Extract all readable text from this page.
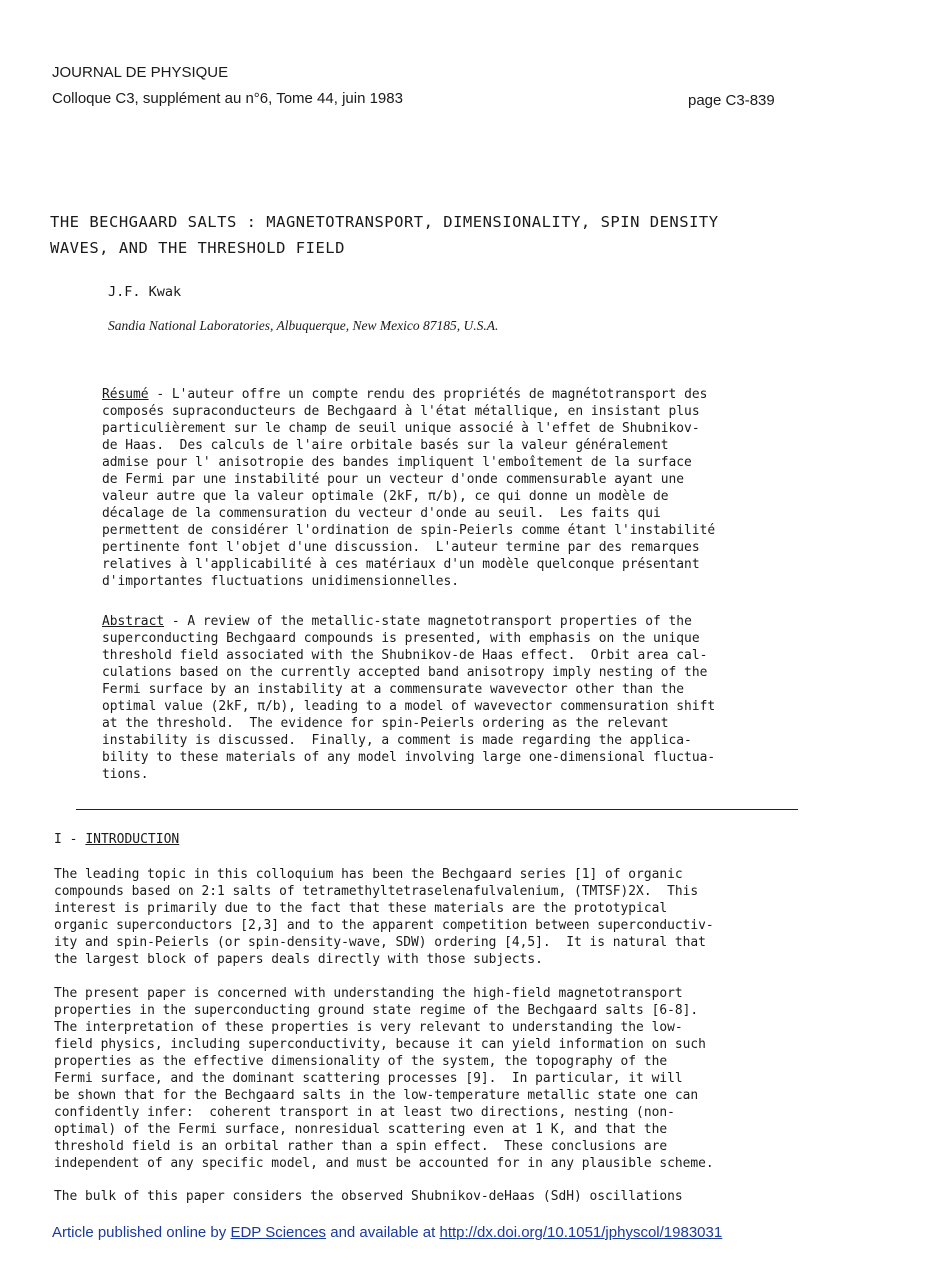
JOURNAL DE PHYSIQUE
Colloque C3, supplément au n°6, Tome 44, juin 1983	page C3-839
THE BECHGAARD SALTS : MAGNETOTRANSPORT, DIMENSIONALITY, SPIN DENSITY
WAVES, AND THE THRESHOLD FIELD
J.F. Kwak
Sandia National Laboratories, Albuquerque, New Mexico 87185, U.S.A.
Résumé - L'auteur offre un compte rendu des propriétés de magnétotransport des
composés supraconducteurs de Bechgaard à l'état métallique, en insistant plus
particulièrement sur le champ de seuil unique associé à l'effet de Shubnikov-
de Haas.  Des calculs de l'aire orbitale basés sur la valeur généralement
admise pour l' anisotropie des bandes impliquent l'emboîtement de la surface
de Fermi par une instabilité pour un vecteur d'onde commensurable ayant une
valeur autre que la valeur optimale (2kF, π/b), ce qui donne un modèle de
décalage de la commensuration du vecteur d'onde au seuil.  Les faits qui
permettent de considérer l'ordination de spin-Peierls comme étant l'instabilité
pertinente font l'objet d'une discussion.  L'auteur termine par des remarques
relatives à l'applicabilité à ces matériaux d'un modèle quelconque présentant
d'importantes fluctuations unidimensionnelles.
Abstract - A review of the metallic-state magnetotransport properties of the
superconducting Bechgaard compounds is presented, with emphasis on the unique
threshold field associated with the Shubnikov-de Haas effect.  Orbit area cal-
culations based on the currently accepted band anisotropy imply nesting of the
Fermi surface by an instability at a commensurate wavevector other than the
optimal value (2kF, π/b), leading to a model of wavevector commensuration shift
at the threshold.  The evidence for spin-Peierls ordering as the relevant
instability is discussed.  Finally, a comment is made regarding the applica-
bility to these materials of any model involving large one-dimensional fluctua-
tions.
I - INTRODUCTION
The leading topic in this colloquium has been the Bechgaard series [1] of organic
compounds based on 2:1 salts of tetramethyltetraselenafulvalenium, (TMTSF)2X.  This
interest is primarily due to the fact that these materials are the prototypical
organic superconductors [2,3] and to the apparent competition between superconductiv-
ity and spin-Peierls (or spin-density-wave, SDW) ordering [4,5].  It is natural that
the largest block of papers deals directly with those subjects.
The present paper is concerned with understanding the high-field magnetotransport
properties in the superconducting ground state regime of the Bechgaard salts [6-8].
The interpretation of these properties is very relevant to understanding the low-
field physics, including superconductivity, because it can yield information on such
properties as the effective dimensionality of the system, the topography of the
Fermi surface, and the dominant scattering processes [9].  In particular, it will
be shown that for the Bechgaard salts in the low-temperature metallic state one can
confidently infer:  coherent transport in at least two directions, nesting (non-
optimal) of the Fermi surface, nonresidual scattering even at 1 K, and that the
threshold field is an orbital rather than a spin effect.  These conclusions are
independent of any specific model, and must be accounted for in any plausible scheme.
The bulk of this paper considers the observed Shubnikov-deHaas (SdH) oscillations
Article published online by EDP Sciences and available at http://dx.doi.org/10.1051/jphyscol/1983031
